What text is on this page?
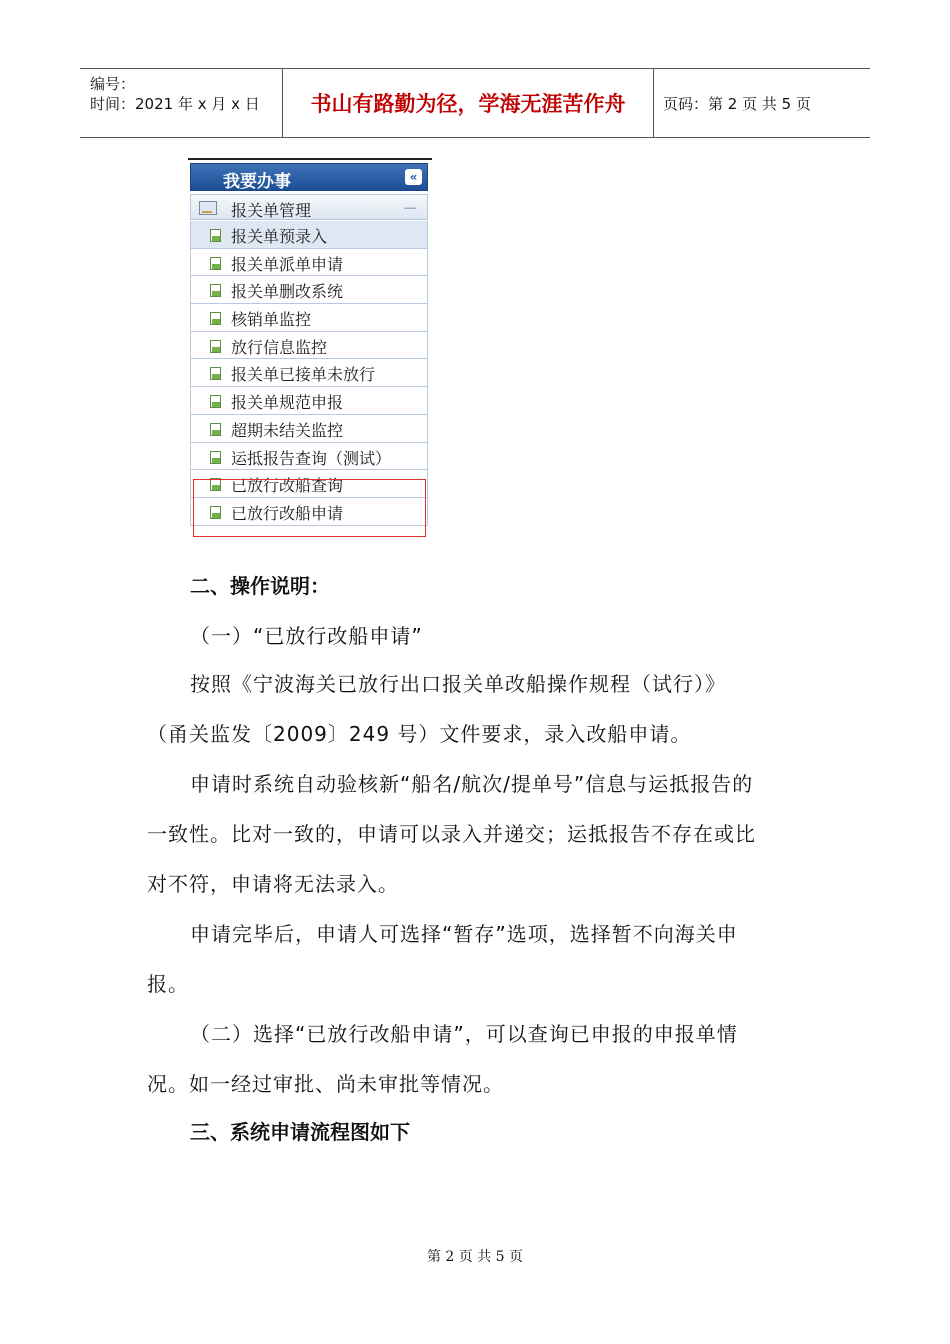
编号：
时间：2021 年 x 月 x 日	书山有路勤为径，学海无涯苦作舟	页码：第 2 页 共 5 页
我要办事	«
报关单管理	－
报关单预录入
报关单派单申请
报关单删改系统
核销单监控
放行信息监控
报关单已接单未放行
报关单规范申报
超期未结关监控
运抵报告查询（测试）
已放行改船查询
已放行改船申请
二、操作说明：
（一）“已放行改船申请”
按照《宁波海关已放行出口报关单改船操作规程（试行）》
（甬关监发〔2009〕249 号）文件要求，录入改船申请。
申请时系统自动验核新“船名/航次/提单号”信息与运抵报告的
一致性。比对一致的，申请可以录入并递交；运抵报告不存在或比
对不符，申请将无法录入。
申请完毕后，申请人可选择“暂存”选项，选择暂不向海关申
报。
（二）选择“已放行改船申请”，可以查询已申报的申报单情
况。如一经过审批、尚未审批等情况。
三、系统申请流程图如下
第 2 页 共 5 页
